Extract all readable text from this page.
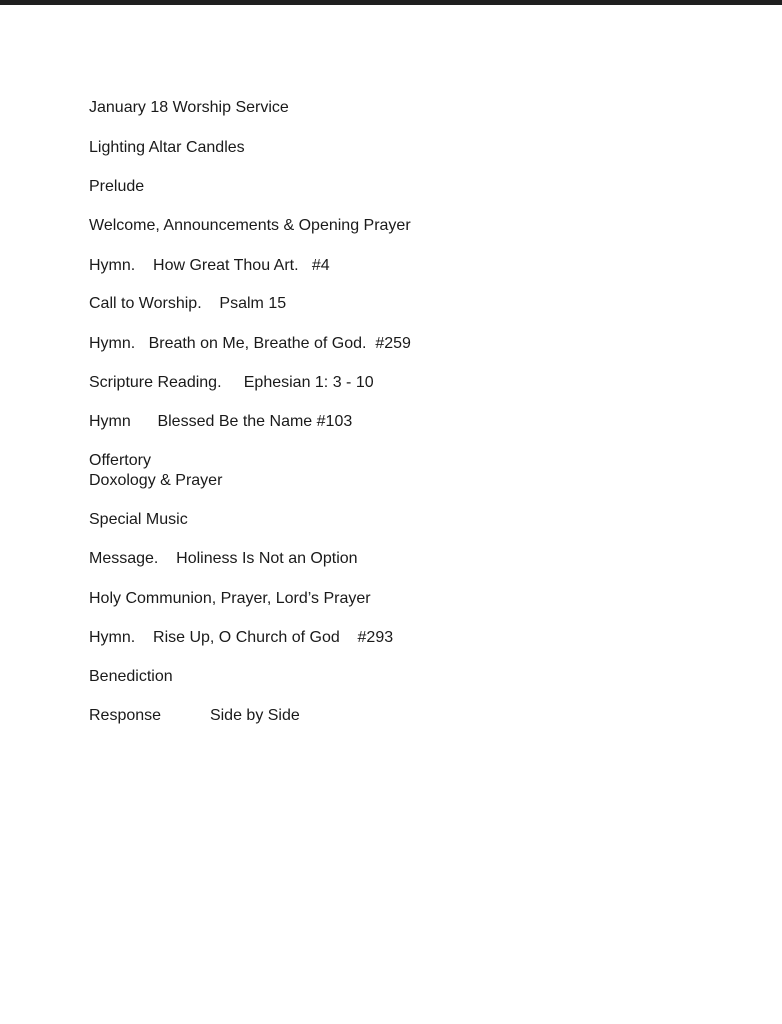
January 18 Worship Service
Lighting Altar Candles
Prelude
Welcome, Announcements & Opening Prayer
Hymn.    How Great Thou Art.   #4
Call to Worship.    Psalm 15
Hymn.   Breath on Me, Breathe of God.  #259
Scripture Reading.     Ephesian 1: 3 - 10
Hymn      Blessed Be the Name #103
Offertory
Doxology & Prayer
Special Music
Message.    Holiness Is Not an Option
Holy Communion, Prayer, Lord’s Prayer
Hymn.    Rise Up, O Church of God    #293
Benediction
Response           Side by Side
